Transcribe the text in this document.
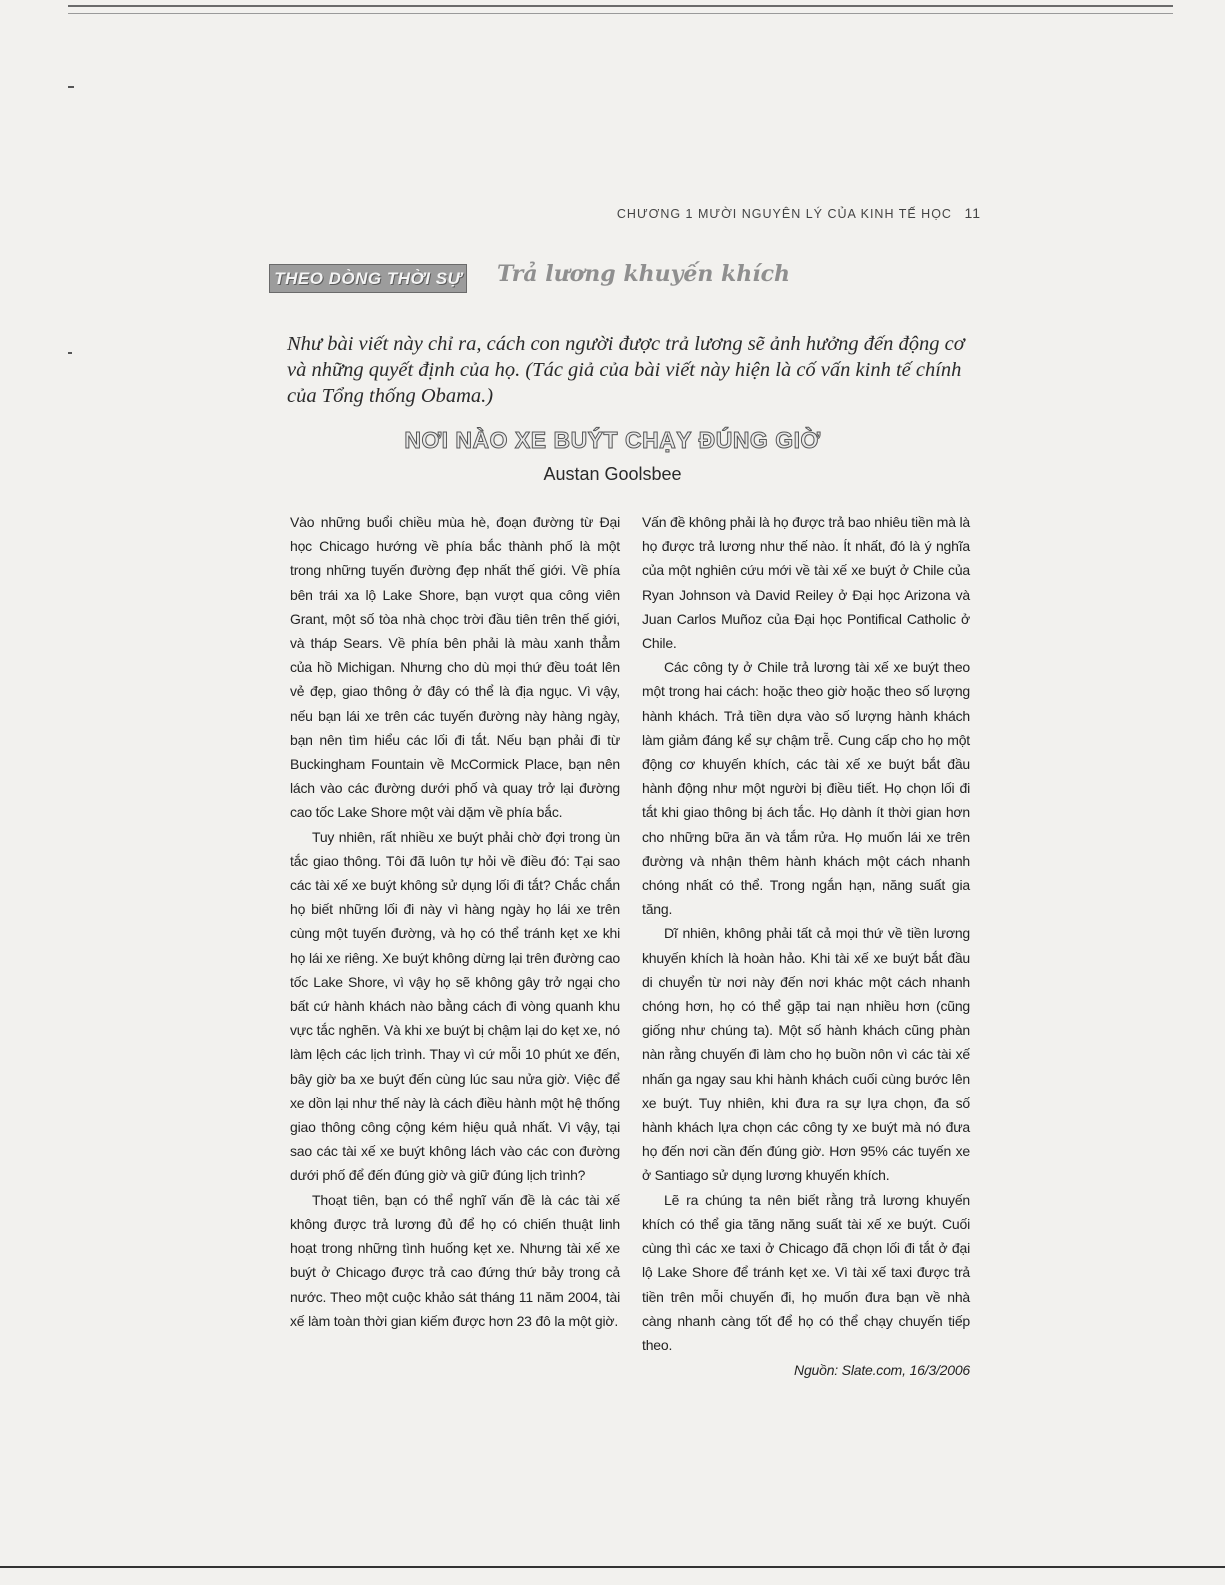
CHƯƠNG 1 MƯỜI NGUYÊN LÝ CỦA KINH TẾ HỌC 11
THEO DÒNG THỜI SỰ Trả lương khuyến khích
Như bài viết này chỉ ra, cách con người được trả lương sẽ ảnh hưởng đến động cơ và những quyết định của họ. (Tác giả của bài viết này hiện là cố vấn kinh tế chính của Tổng thống Obama.)
NƠI NÀO XE BUÝT CHẠY ĐÚNG GIỜ
Austan Goolsbee

Vào những buổi chiều mùa hè, đoạn đường từ Đại học Chicago hướng về phía bắc thành phố là một trong những tuyến đường đẹp nhất thế giới. Về phía bên trái xa lộ Lake Shore, bạn vượt qua công viên Grant, một số tòa nhà chọc trời đầu tiên trên thế giới, và tháp Sears. Về phía bên phải là màu xanh thẳm của hồ Michigan. Nhưng cho dù mọi thứ đều toát lên vẻ đẹp, giao thông ở đây có thể là địa ngục. Vì vậy, nếu bạn lái xe trên các tuyến đường này hàng ngày, bạn nên tìm hiểu các lối đi tắt. Nếu bạn phải đi từ Buckingham Fountain về McCormick Place, bạn nên lách vào các đường dưới phố và quay trở lại đường cao tốc Lake Shore một vài dặm về phía bắc.

Tuy nhiên, rất nhiều xe buýt phải chờ đợi trong ùn tắc giao thông. Tôi đã luôn tự hỏi về điều đó: Tại sao các tài xế xe buýt không sử dụng lối đi tắt? Chắc chắn họ biết những lối đi này vì hàng ngày họ lái xe trên cùng một tuyến đường, và họ có thể tránh kẹt xe khi họ lái xe riêng. Xe buýt không dừng lại trên đường cao tốc Lake Shore, vì vậy họ sẽ không gây trở ngại cho bất cứ hành khách nào bằng cách đi vòng quanh khu vực tắc nghẽn. Và khi xe buýt bị chậm lại do kẹt xe, nó làm lệch các lịch trình. Thay vì cứ mỗi 10 phút xe đến, bây giờ ba xe buýt đến cùng lúc sau nửa giờ. Việc để xe dồn lại như thế này là cách điều hành một hệ thống giao thông công cộng kém hiệu quả nhất. Vì vậy, tại sao các tài xế xe buýt không lách vào các con đường dưới phố để đến đúng giờ và giữ đúng lịch trình?

Thoạt tiên, bạn có thể nghĩ vấn đề là các tài xế không được trả lương đủ để họ có chiến thuật linh hoạt trong những tình huống kẹt xe. Nhưng tài xế xe buýt ở Chicago được trả cao đứng thứ bảy trong cả nước. Theo một cuộc khảo sát tháng 11 năm 2004, tài xế làm toàn thời gian kiếm được hơn 23 đô la một giờ.

Vấn đề không phải là họ được trả bao nhiêu tiền mà là họ được trả lương như thế nào. Ít nhất, đó là ý nghĩa của một nghiên cứu mới về tài xế xe buýt ở Chile của Ryan Johnson và David Reiley ở Đại học Arizona và Juan Carlos Muñoz của Đại học Pontifical Catholic ở Chile.

Các công ty ở Chile trả lương tài xế xe buýt theo một trong hai cách: hoặc theo giờ hoặc theo số lượng hành khách. Trả tiền dựa vào số lượng hành khách làm giảm đáng kể sự chậm trễ. Cung cấp cho họ một động cơ khuyến khích, các tài xế xe buýt bắt đầu hành động như một người bị điều tiết. Họ chọn lối đi tắt khi giao thông bị ách tắc. Họ dành ít thời gian hơn cho những bữa ăn và tắm rửa. Họ muốn lái xe trên đường và nhận thêm hành khách một cách nhanh chóng nhất có thể. Trong ngắn hạn, năng suất gia tăng.

Dĩ nhiên, không phải tất cả mọi thứ về tiền lương khuyến khích là hoàn hảo. Khi tài xế xe buýt bắt đầu di chuyển từ nơi này đến nơi khác một cách nhanh chóng hơn, họ có thể gặp tai nạn nhiều hơn (cũng giống như chúng ta). Một số hành khách cũng phàn nàn rằng chuyến đi làm cho họ buồn nôn vì các tài xế nhấn ga ngay sau khi hành khách cuối cùng bước lên xe buýt. Tuy nhiên, khi đưa ra sự lựa chọn, đa số hành khách lựa chọn các công ty xe buýt mà nó đưa họ đến nơi cần đến đúng giờ. Hơn 95% các tuyến xe ở Santiago sử dụng lương khuyến khích.

Lẽ ra chúng ta nên biết rằng trả lương khuyến khích có thể gia tăng năng suất tài xế xe buýt. Cuối cùng thì các xe taxi ở Chicago đã chọn lối đi tắt ở đại lộ Lake Shore để tránh kẹt xe. Vì tài xế taxi được trả tiền trên mỗi chuyến đi, họ muốn đưa bạn về nhà càng nhanh càng tốt để họ có thể chạy chuyến tiếp theo.

Nguồn: Slate.com, 16/3/2006
